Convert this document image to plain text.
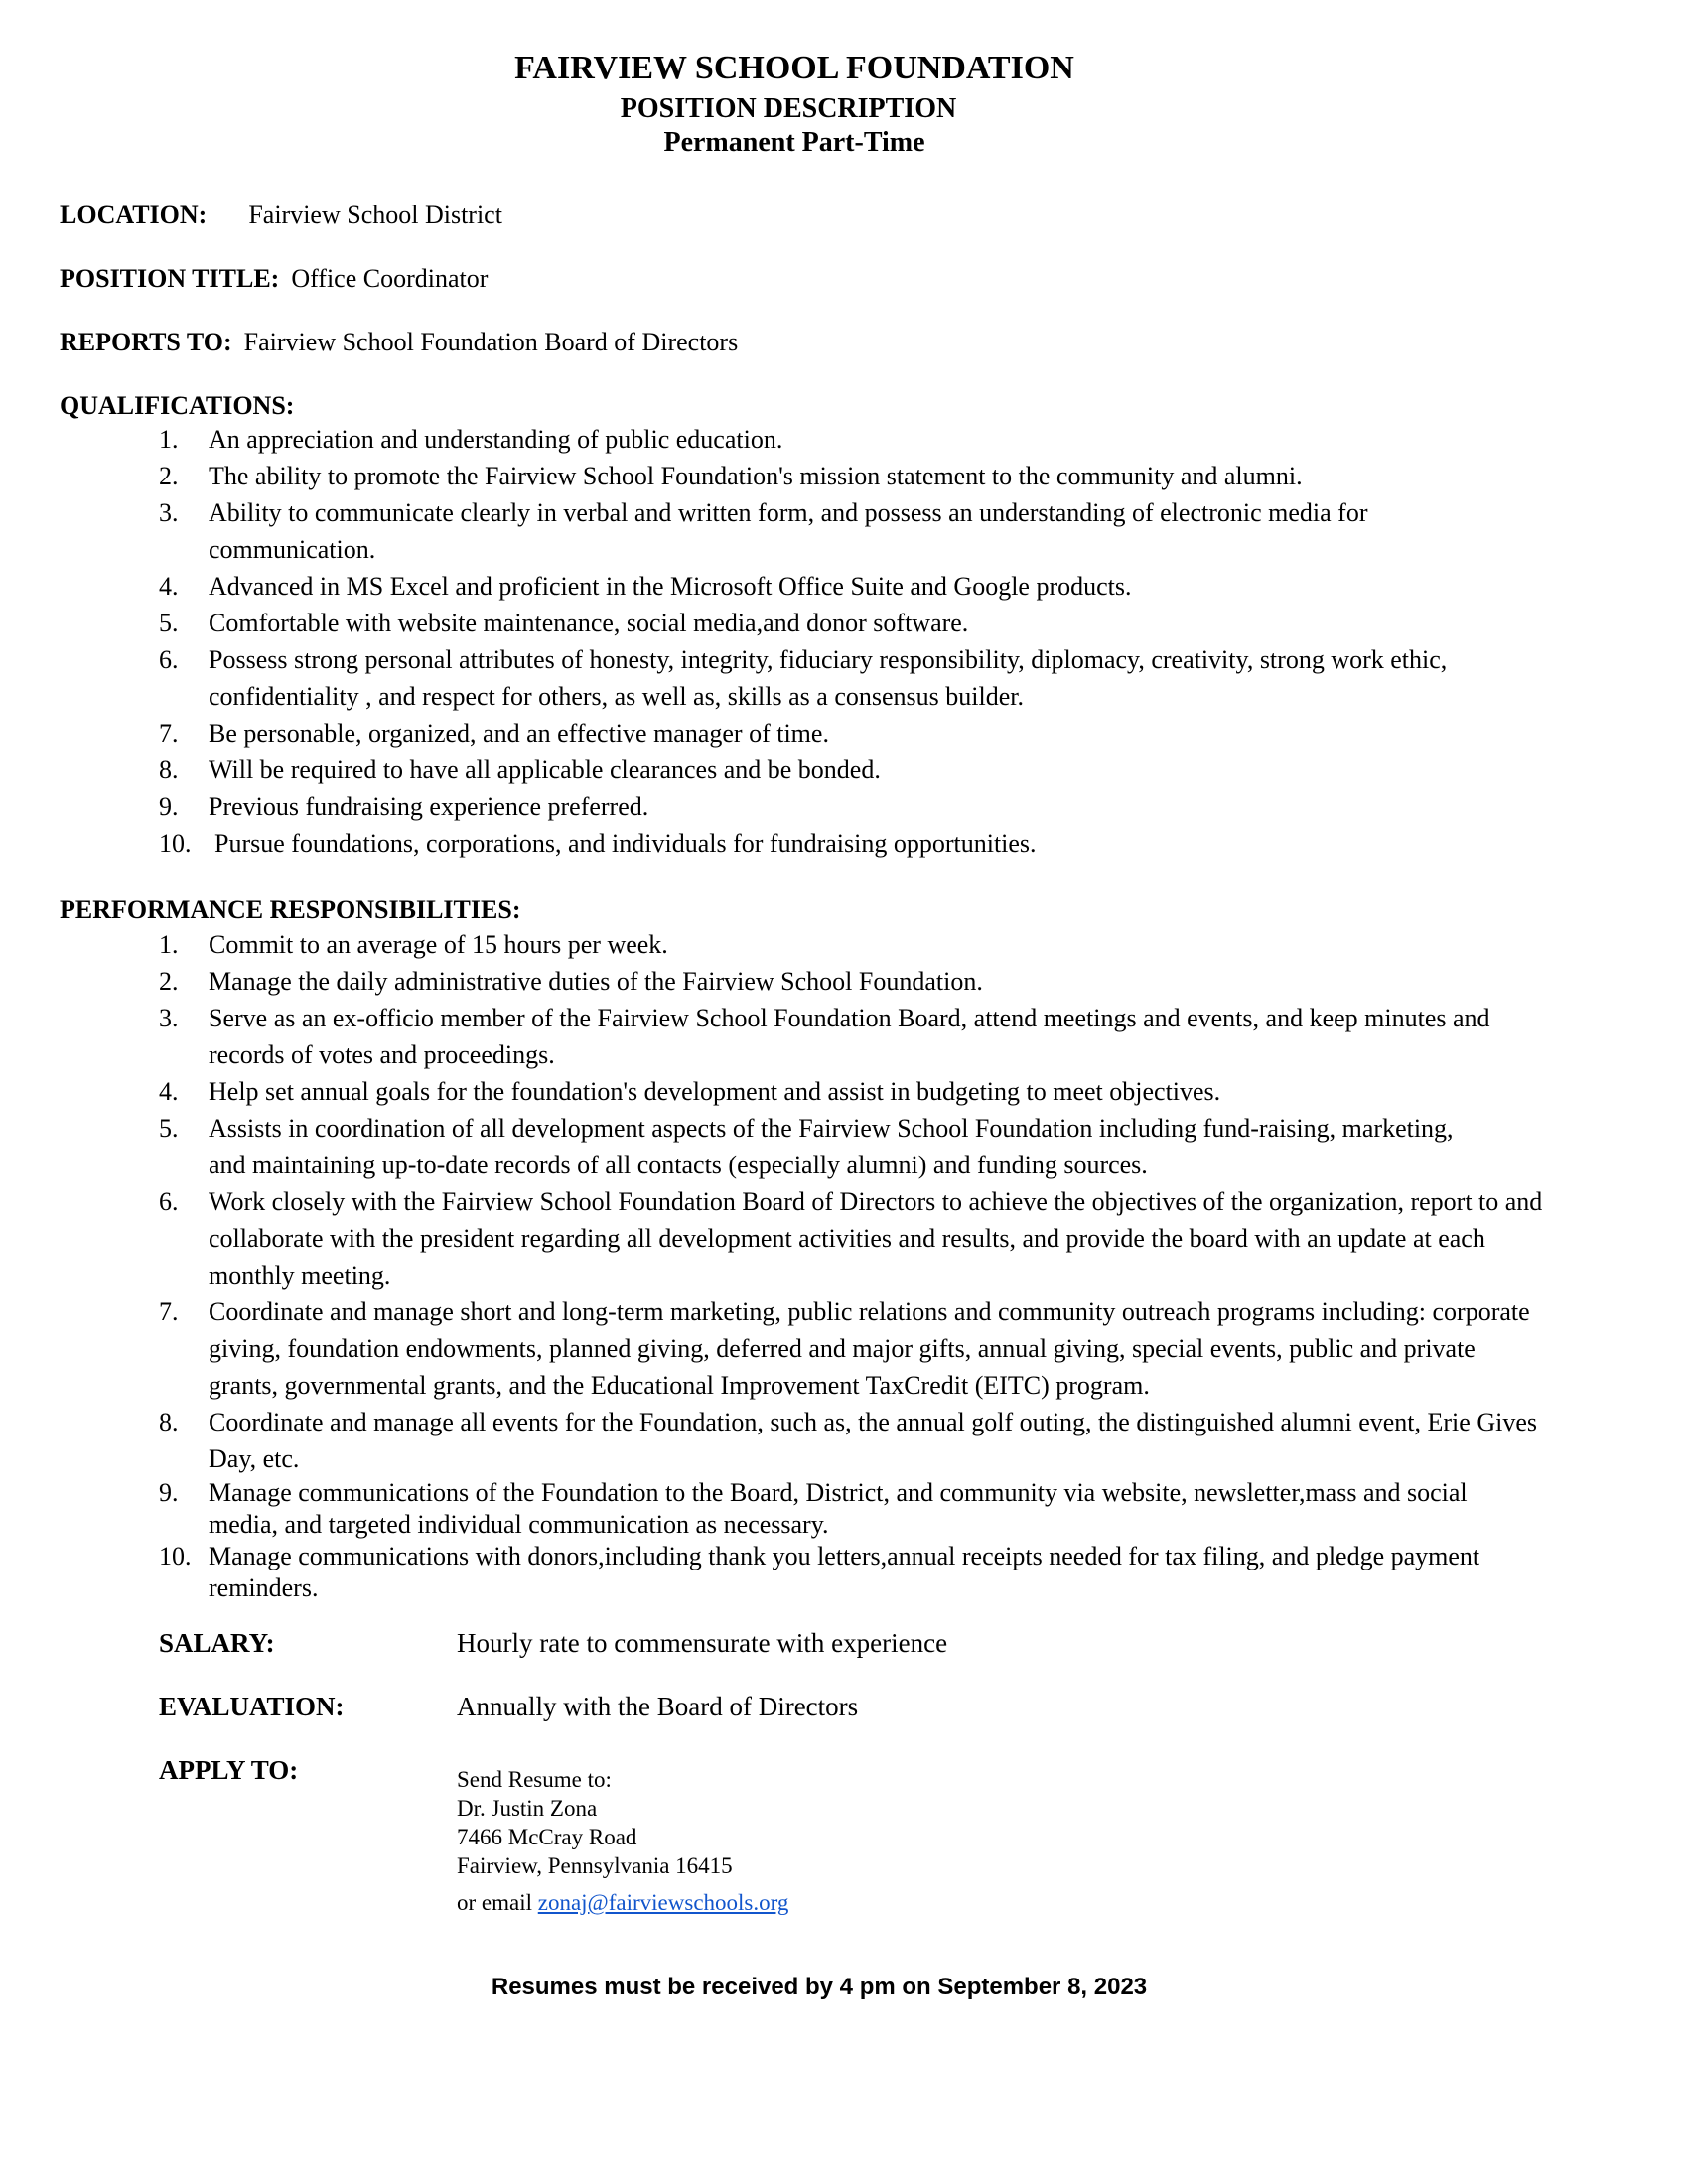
FAIRVIEW SCHOOL FOUNDATION
POSITION DESCRIPTION
Permanent Part-Time
LOCATION: Fairview School District
POSITION TITLE: Office Coordinator
REPORTS TO: Fairview School Foundation Board of Directors
QUALIFICATIONS:
1. An appreciation and understanding of public education.
2. The ability to promote the Fairview School Foundation's mission statement to the community and alumni.
3. Ability to communicate clearly in verbal and written form, and possess an understanding of electronic media for communication.
4. Advanced in MS Excel and proficient in the Microsoft Office Suite and Google products.
5. Comfortable with website maintenance, social media,and donor software.
6. Possess strong personal attributes of honesty, integrity, fiduciary responsibility, diplomacy, creativity, strong work ethic, confidentiality , and respect for others, as well as, skills as a consensus builder.
7. Be personable, organized, and an effective manager of time.
8. Will be required to have all applicable clearances and be bonded.
9. Previous fundraising experience preferred.
10. Pursue foundations, corporations, and individuals for fundraising opportunities.
PERFORMANCE RESPONSIBILITIES:
1. Commit to an average of 15 hours per week.
2. Manage the daily administrative duties of the Fairview School Foundation.
3. Serve as an ex-officio member of the Fairview School Foundation Board, attend meetings and events, and keep minutes and records of votes and proceedings.
4. Help set annual goals for the foundation's development and assist in budgeting to meet objectives.
5. Assists in coordination of all development aspects of the Fairview School Foundation including fund-raising, marketing, and maintaining up-to-date records of all contacts (especially alumni) and funding sources.
6. Work closely with the Fairview School Foundation Board of Directors to achieve the objectives of the organization, report to and collaborate with the president regarding all development activities and results, and provide the board with an update at each monthly meeting.
7. Coordinate and manage short and long-term marketing, public relations and community outreach programs including: corporate giving, foundation endowments, planned giving, deferred and major gifts, annual giving, special events, public and private grants, governmental grants, and the Educational Improvement TaxCredit (EITC) program.
8. Coordinate and manage all events for the Foundation, such as, the annual golf outing, the distinguished alumni event, Erie Gives Day, etc.
9. Manage communications of the Foundation to the Board, District, and community via website, newsletter,mass and social media, and targeted individual communication as necessary.
10. Manage communications with donors,including thank you letters,annual receipts needed for tax filing, and pledge payment reminders.
SALARY:	Hourly rate to commensurate with experience
EVALUATION:	Annually with the Board of Directors
APPLY TO:	Send Resume to:
Dr. Justin Zona
7466 McCray Road
Fairview, Pennsylvania 16415
or email zonaj@fairviewschools.org
Resumes must be received by 4 pm on September 8, 2023
